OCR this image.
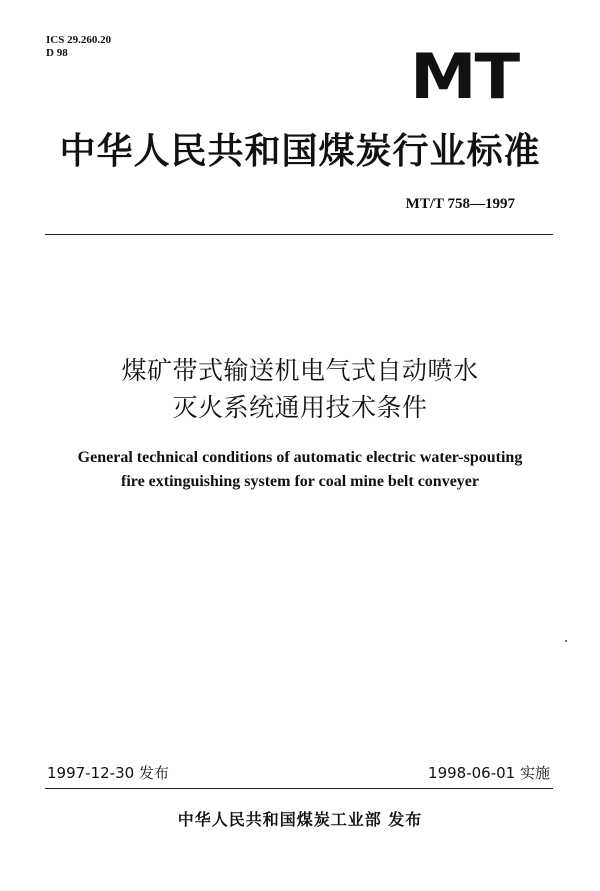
ICS 29.260.20
D 98	MT
中华人民共和国煤炭行业标准
MT/T 758—1997
煤矿带式输送机电气式自动喷水
灭火系统通用技术条件
General technical conditions of automatic electric water-spouting
fire extinguishing system for coal mine belt conveyer
1997-12-30 发布	1998-06-01 实施
中华人民共和国煤炭工业部 发布
